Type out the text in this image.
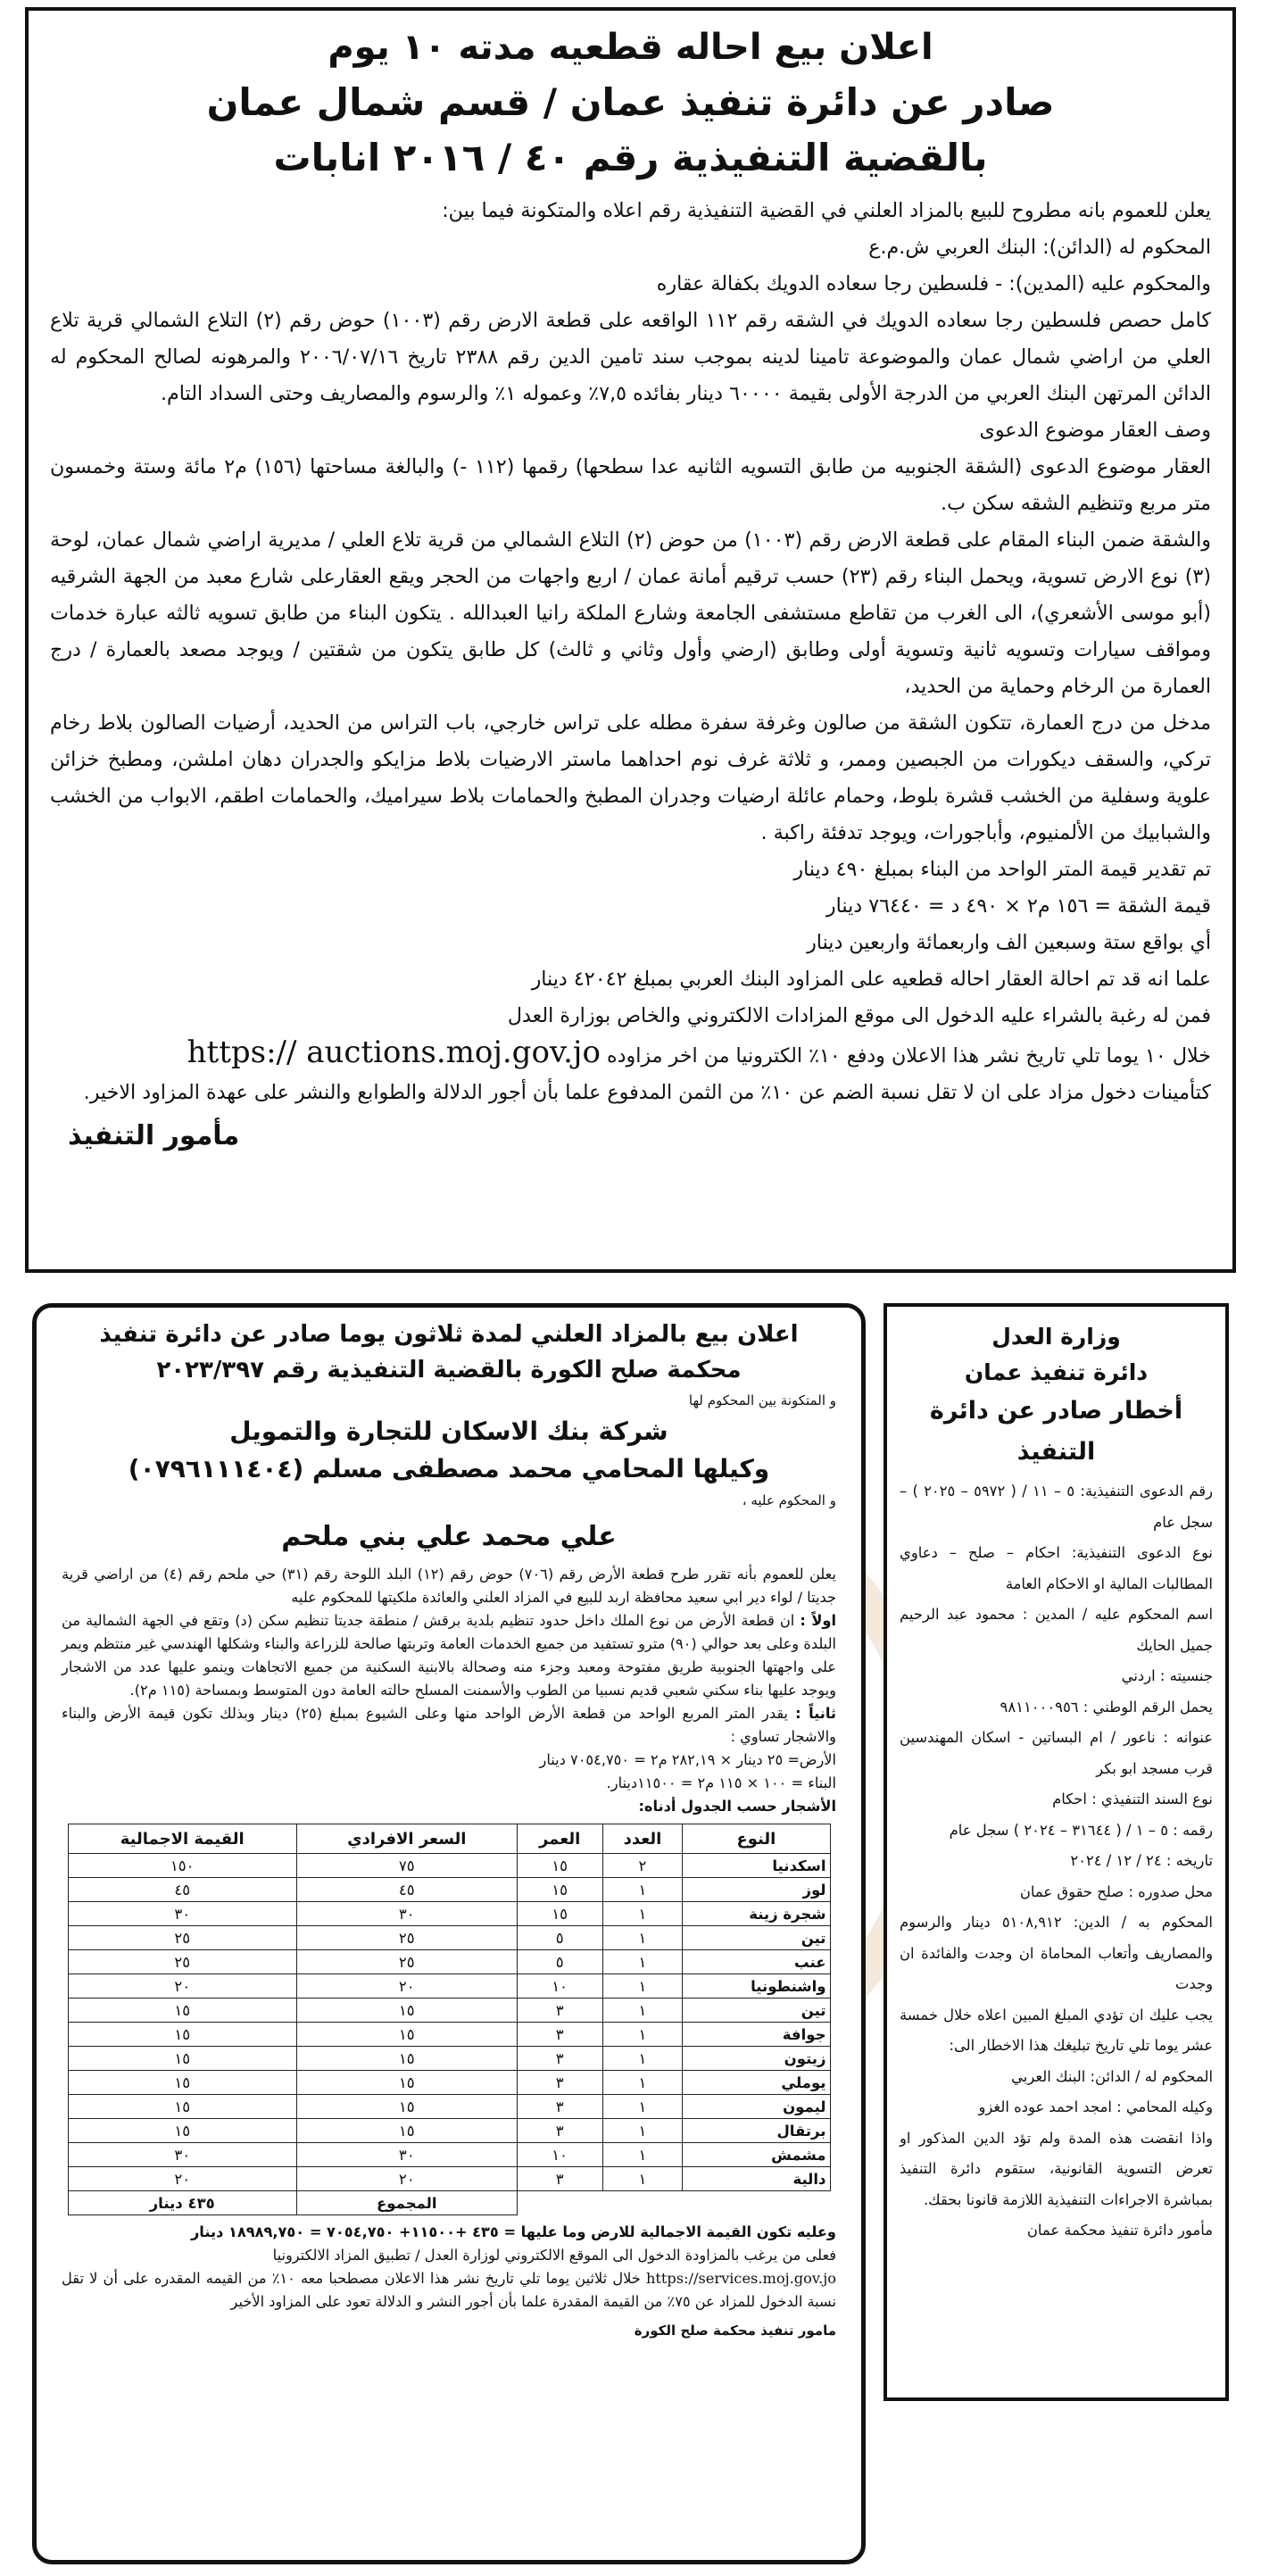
اعلان بيع احاله قطعيه مدته ١٠ يوم
صادر عن دائرة تنفيذ عمان / قسم شمال عمان
بالقضية التنفيذية رقم ٤٠ / ٢٠١٦ انابات

يعلن للعموم بانه مطروح للبيع بالمزاد العلني في القضية التنفيذية رقم اعلاه والمتكونة فيما بين:

المحكوم له (الدائن): البنك العربي ش.م.ع

والمحكوم عليه (المدين): - فلسطين رجا سعاده الدويك بكفالة عقاره

كامل حصص فلسطين رجا سعاده الدويك في الشقه رقم ١١٢ الواقعه على قطعة الارض رقم (١٠٠٣) حوض رقم (٢) التلاع الشمالي قرية تلاع العلي من اراضي شمال عمان والموضوعة تامينا لدينه بموجب سند تامين الدين رقم ٢٣٨٨ تاريخ ٢٠٠٦/٠٧/١٦ والمرهونه لصالح المحكوم له الدائن المرتهن البنك العربي من الدرجة الأولى بقيمة ٦٠٠٠٠ دينار بفائده ٧,٥٪ وعموله ١٪ والرسوم والمصاريف وحتى السداد التام.

وصف العقار موضوع الدعوى

العقار موضوع الدعوى (الشقة الجنوبيه من طابق التسويه الثانيه عدا سطحها) رقمها (١١٢ -) والبالغة مساحتها (١٥٦) م٢ مائة وستة وخمسون متر مربع وتنظيم الشقه سكن ب.

والشقة ضمن البناء المقام على قطعة الارض رقم (١٠٠٣) من حوض (٢) التلاع الشمالي من قرية تلاع العلي / مديرية اراضي شمال عمان، لوحة (٣) نوع الارض تسوية، ويحمل البناء رقم (٢٣) حسب ترقيم أمانة عمان / اربع واجهات من الحجر ويقع العقارعلى شارع معبد من الجهة الشرقيه (أبو موسى الأشعري)، الى الغرب من تقاطع مستشفى الجامعة وشارع الملكة رانيا العبدالله . يتكون البناء من طابق تسويه ثالثه عبارة خدمات ومواقف سيارات وتسويه ثانية وتسوية أولى وطابق (ارضي وأول وثاني و ثالث) كل طابق يتكون من شقتين / ويوجد مصعد بالعمارة / درج العمارة من الرخام وحماية من الحديد،

مدخل من درج العمارة، تتكون الشقة من صالون وغرفة سفرة مطله على تراس خارجي، باب التراس من الحديد، أرضيات الصالون بلاط رخام تركي، والسقف ديكورات من الجبصين وممر، و ثلاثة غرف نوم احداهما ماستر الارضيات بلاط مزايكو والجدران دهان املشن، ومطبخ خزائن علوية وسفلية من الخشب قشرة بلوط، وحمام عائلة ارضيات وجدران المطبخ والحمامات بلاط سيراميك، والحمامات اطقم، الابواب من الخشب والشبابيك من الألمنيوم، وأباجورات، ويوجد تدفئة راكبة .

تم تقدير قيمة المتر الواحد من البناء بمبلغ ٤٩٠ دينار

قيمة الشقة = ١٥٦ م٢ × ٤٩٠ د = ٧٦٤٤٠ دينار

أي بواقع ستة وسبعين الف واربعمائة واربعين دينار

علما انه قد تم احالة العقار احاله قطعيه على المزاود البنك العربي بمبلغ ٤٢٠٤٢ دينار

فمن له رغبة بالشراء عليه الدخول الى موقع المزادات الالكتروني والخاص بوزارة العدل

خلال ١٠ يوما تلي تاريخ نشر هذا الاعلان ودفع ١٠٪ الكترونيا من اخر مزاوده https:// auctions.moj.gov.jo

كتأمينات دخول مزاد على ان لا تقل نسبة الضم عن ١٠٪ من الثمن المدفوع علما بأن أجور الدلالة والطوابع والنشر على عهدة المزاود الاخير.

مأمور التنفيذ
وزارة العدل
دائرة تنفيذ عمان
أخطار صادر عن دائرة التنفيذ

رقم الدعوى التنفيذية: ٥ – ١١ / ( ٥٩٧٢ – ٢٠٢٥ ) – سجل عام

نوع الدعوى التنفيذية: احكام – صلح – دعاوي المطالبات المالية او الاحكام العامة

اسم المحكوم عليه / المدين : محمود عبد الرحيم جميل الحايك

جنسيته : اردني

يحمل الرقم الوطني : ٩٨١١٠٠٠٩٥٦

عنوانه : ناعور / ام البساتين - اسكان المهندسين قرب مسجد ابو بكر

نوع السند التنفيذي : احكام

رقمه : ٥ – ١ / ( ٣١٦٤٤ – ٢٠٢٤ ) سجل عام

تاريخه : ٢٤ / ١٢ / ٢٠٢٤

محل صدوره : صلح حقوق عمان

المحكوم به / الدين: ٥١٠٨,٩١٢ دينار والرسوم والمصاريف وأتعاب المحاماة ان وجدت والفائدة ان وجدت

يجب عليك ان تؤدي المبلغ المبين اعلاه خلال خمسة عشر يوما تلي تاريخ تبليغك هذا الاخطار الى:

المحكوم له / الدائن: البنك العربي

وكيله المحامي : امجد احمد عوده الغزو

واذا انقضت هذه المدة ولم تؤد الدين المذكور او تعرض التسوية القانونية، ستقوم دائرة التنفيذ بمباشرة الاجراءات التنفيذية اللازمة قانونا بحقك.

مأمور دائرة تنفيذ محكمة عمان

اعلان بيع بالمزاد العلني لمدة ثلاثون يوما صادر عن دائرة تنفيذ محكمة صلح الكورة بالقضية التنفيذية رقم ٢٠٢٣/٣٩٧
و المتكونة بين المحكوم لها
شركة بنك الاسكان للتجارة والتمويل
وكيلها المحامي محمد مصطفى مسلم (٠٧٩٦١١١٤٠٤)
و المحكوم عليه ،
علي محمد علي بني ملحم

يعلن للعموم بأنه تقرر طرح قطعة الأرض رقم (٧٠٦) حوض رقم (١٢) البلد اللوحة رقم (٣١) حي ملحم رقم (٤) من اراضي قرية جديتا / لواء دير ابي سعيد محافظة اربد للبيع في المزاد العلني والعائدة ملكيتها للمحكوم عليه

اولاً : ان قطعة الأرض من نوع الملك داخل حدود تنظيم بلدية برقش / منطقة جديتا تنظيم سكن (د) وتقع في الجهة الشمالية من البلدة وعلى بعد حوالي (٩٠) مترو تستفيد من جميع الخدمات العامة وتربتها صالحة للزراعة والبناء وشكلها الهندسي غير منتظم ويمر على واجهتها الجنوبية طريق مفتوحة ومعبد وجزء منه وصحالة بالابنية السكنية من جميع الاتجاهات وينمو عليها عدد من الاشجار ويوجد عليها بناء سكني شعبي قديم نسبيا من الطوب والأسمنت المسلح حالته العامة دون المتوسط وبمساحة (١١٥ م٢).

ثانياً : يقدر المتر المربع الواحد من قطعة الأرض الواحد منها وعلى الشيوع بمبلغ (٢٥) دينار وبذلك تكون قيمة الأرض والبناء والاشجار تساوي :

الأرض= ٢٥ دينار × ٢٨٢,١٩ م٢ = ٧٠٥٤,٧٥٠ دينار

البناء = ١٠٠ × ١١٥ م٢ = ١١٥٠٠دينار.

الأشجار حسب الجدول أدناه:

النوع	العدد	العمر	السعر الافرادي	القيمة الاجمالية
اسكدنيا	٢	١٥	٧٥	١٥٠
لوز	١	١٥	٤٥	٤٥
شجرة زينة	١	١٥	٣٠	٣٠
تين	١	٥	٢٥	٢٥
عنب	١	٥	٢٥	٢٥
واشنطونيا	١	١٠	٢٠	٢٠
تين	١	٣	١٥	١٥
جوافة	١	٣	١٥	١٥
زيتون	١	٣	١٥	١٥
يوملي	١	٣	١٥	١٥
ليمون	١	٣	١٥	١٥
برتقال	١	٣	١٥	١٥
مشمش	١	١٠	٣٠	٣٠
دالية	١	٣	٢٠	٢٠
			المجموع	٤٣٥ دينار

وعليه تكون القيمة الاجمالية للارض وما عليها = ٤٣٥ +١١٥٠٠+ ٧٠٥٤,٧٥٠ = ١٨٩٨٩,٧٥٠ دينار

فعلى من يرغب بالمزاودة الدخول الى الموقع الالكتروني لوزارة العدل / تطبيق المزاد الالكترونيا

https://services.moj.gov.jo خلال ثلاثين يوما تلي تاريخ نشر هذا الاعلان مصطحبا معه ١٠٪ من القيمه المقدره على أن لا تقل نسبة الدخول للمزاد عن ٧٥٪ من القيمة المقدرة علما بأن أجور النشر و الدلالة تعود على المزاود الأخير

مامور تنفيذ محكمة صلح الكورة
